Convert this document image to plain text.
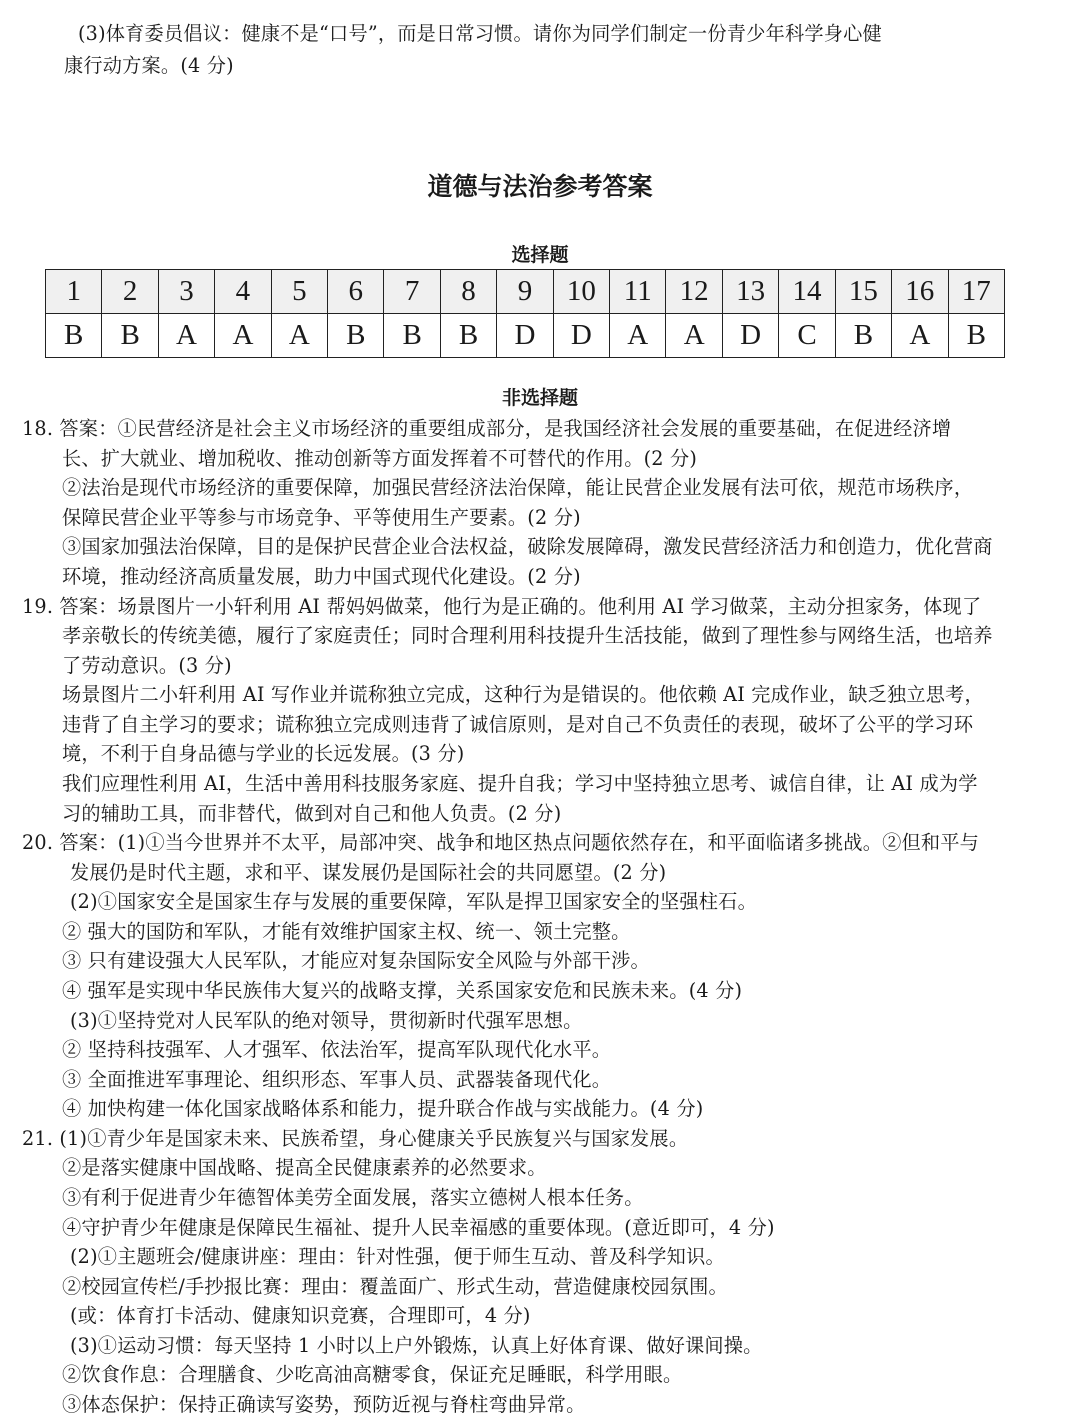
(3)体育委员倡议：健康不是“口号”，而是日常习惯。请你为同学们制定一份青少年科学身心健
康行动方案。(4 分)
道德与法治参考答案
选择题
1	2	3	4	5	6	7	8	9	10	11	12	13	14	15	16	17
B	B	A	A	A	B	B	B	D	D	A	A	D	C	B	A	B
非选择题
18. 答案：①民营经济是社会主义市场经济的重要组成部分，是我国经济社会发展的重要基础，在促进经济增
长、扩大就业、增加税收、推动创新等方面发挥着不可替代的作用。(2 分)
②法治是现代市场经济的重要保障，加强民营经济法治保障，能让民营企业发展有法可依，规范市场秩序，
保障民营企业平等参与市场竞争、平等使用生产要素。(2 分)
③国家加强法治保障，目的是保护民营企业合法权益，破除发展障碍，激发民营经济活力和创造力，优化营商
环境，推动经济高质量发展，助力中国式现代化建设。(2 分)
19. 答案：场景图片一小轩利用 AI 帮妈妈做菜，他行为是正确的。他利用 AI 学习做菜，主动分担家务，体现了
孝亲敬长的传统美德，履行了家庭责任；同时合理利用科技提升生活技能，做到了理性参与网络生活，也培养
了劳动意识。(3 分)
场景图片二小轩利用 AI 写作业并谎称独立完成，这种行为是错误的。他依赖 AI 完成作业，缺乏独立思考，
违背了自主学习的要求；谎称独立完成则违背了诚信原则，是对自己不负责任的表现，破坏了公平的学习环
境，不利于自身品德与学业的长远发展。(3 分)
我们应理性利用 AI，生活中善用科技服务家庭、提升自我；学习中坚持独立思考、诚信自律，让 AI 成为学
习的辅助工具，而非替代，做到对自己和他人负责。(2 分)
20. 答案：(1)①当今世界并不太平，局部冲突、战争和地区热点问题依然存在，和平面临诸多挑战。②但和平与
发展仍是时代主题，求和平、谋发展仍是国际社会的共同愿望。(2 分)
(2)①国家安全是国家生存与发展的重要保障，军队是捍卫国家安全的坚强柱石。
② 强大的国防和军队，才能有效维护国家主权、统一、领土完整。
③ 只有建设强大人民军队，才能应对复杂国际安全风险与外部干涉。
④ 强军是实现中华民族伟大复兴的战略支撑，关系国家安危和民族未来。(4 分)
(3)①坚持党对人民军队的绝对领导，贯彻新时代强军思想。
② 坚持科技强军、人才强军、依法治军，提高军队现代化水平。
③ 全面推进军事理论、组织形态、军事人员、武器装备现代化。
④ 加快构建一体化国家战略体系和能力，提升联合作战与实战能力。(4 分)
21. (1)①青少年是国家未来、民族希望，身心健康关乎民族复兴与国家发展。
②是落实健康中国战略、提高全民健康素养的必然要求。
③有利于促进青少年德智体美劳全面发展，落实立德树人根本任务。
④守护青少年健康是保障民生福祉、提升人民幸福感的重要体现。(意近即可，4 分)
(2)①主题班会/健康讲座：理由：针对性强，便于师生互动、普及科学知识。
②校园宣传栏/手抄报比赛：理由：覆盖面广、形式生动，营造健康校园氛围。
(或：体育打卡活动、健康知识竞赛，合理即可，4 分)
(3)①运动习惯：每天坚持 1 小时以上户外锻炼，认真上好体育课、做好课间操。
②饮食作息：合理膳食、少吃高油高糖零食，保证充足睡眠，科学用眼。
③体态保护：保持正确读写姿势，预防近视与脊柱弯曲异常。
